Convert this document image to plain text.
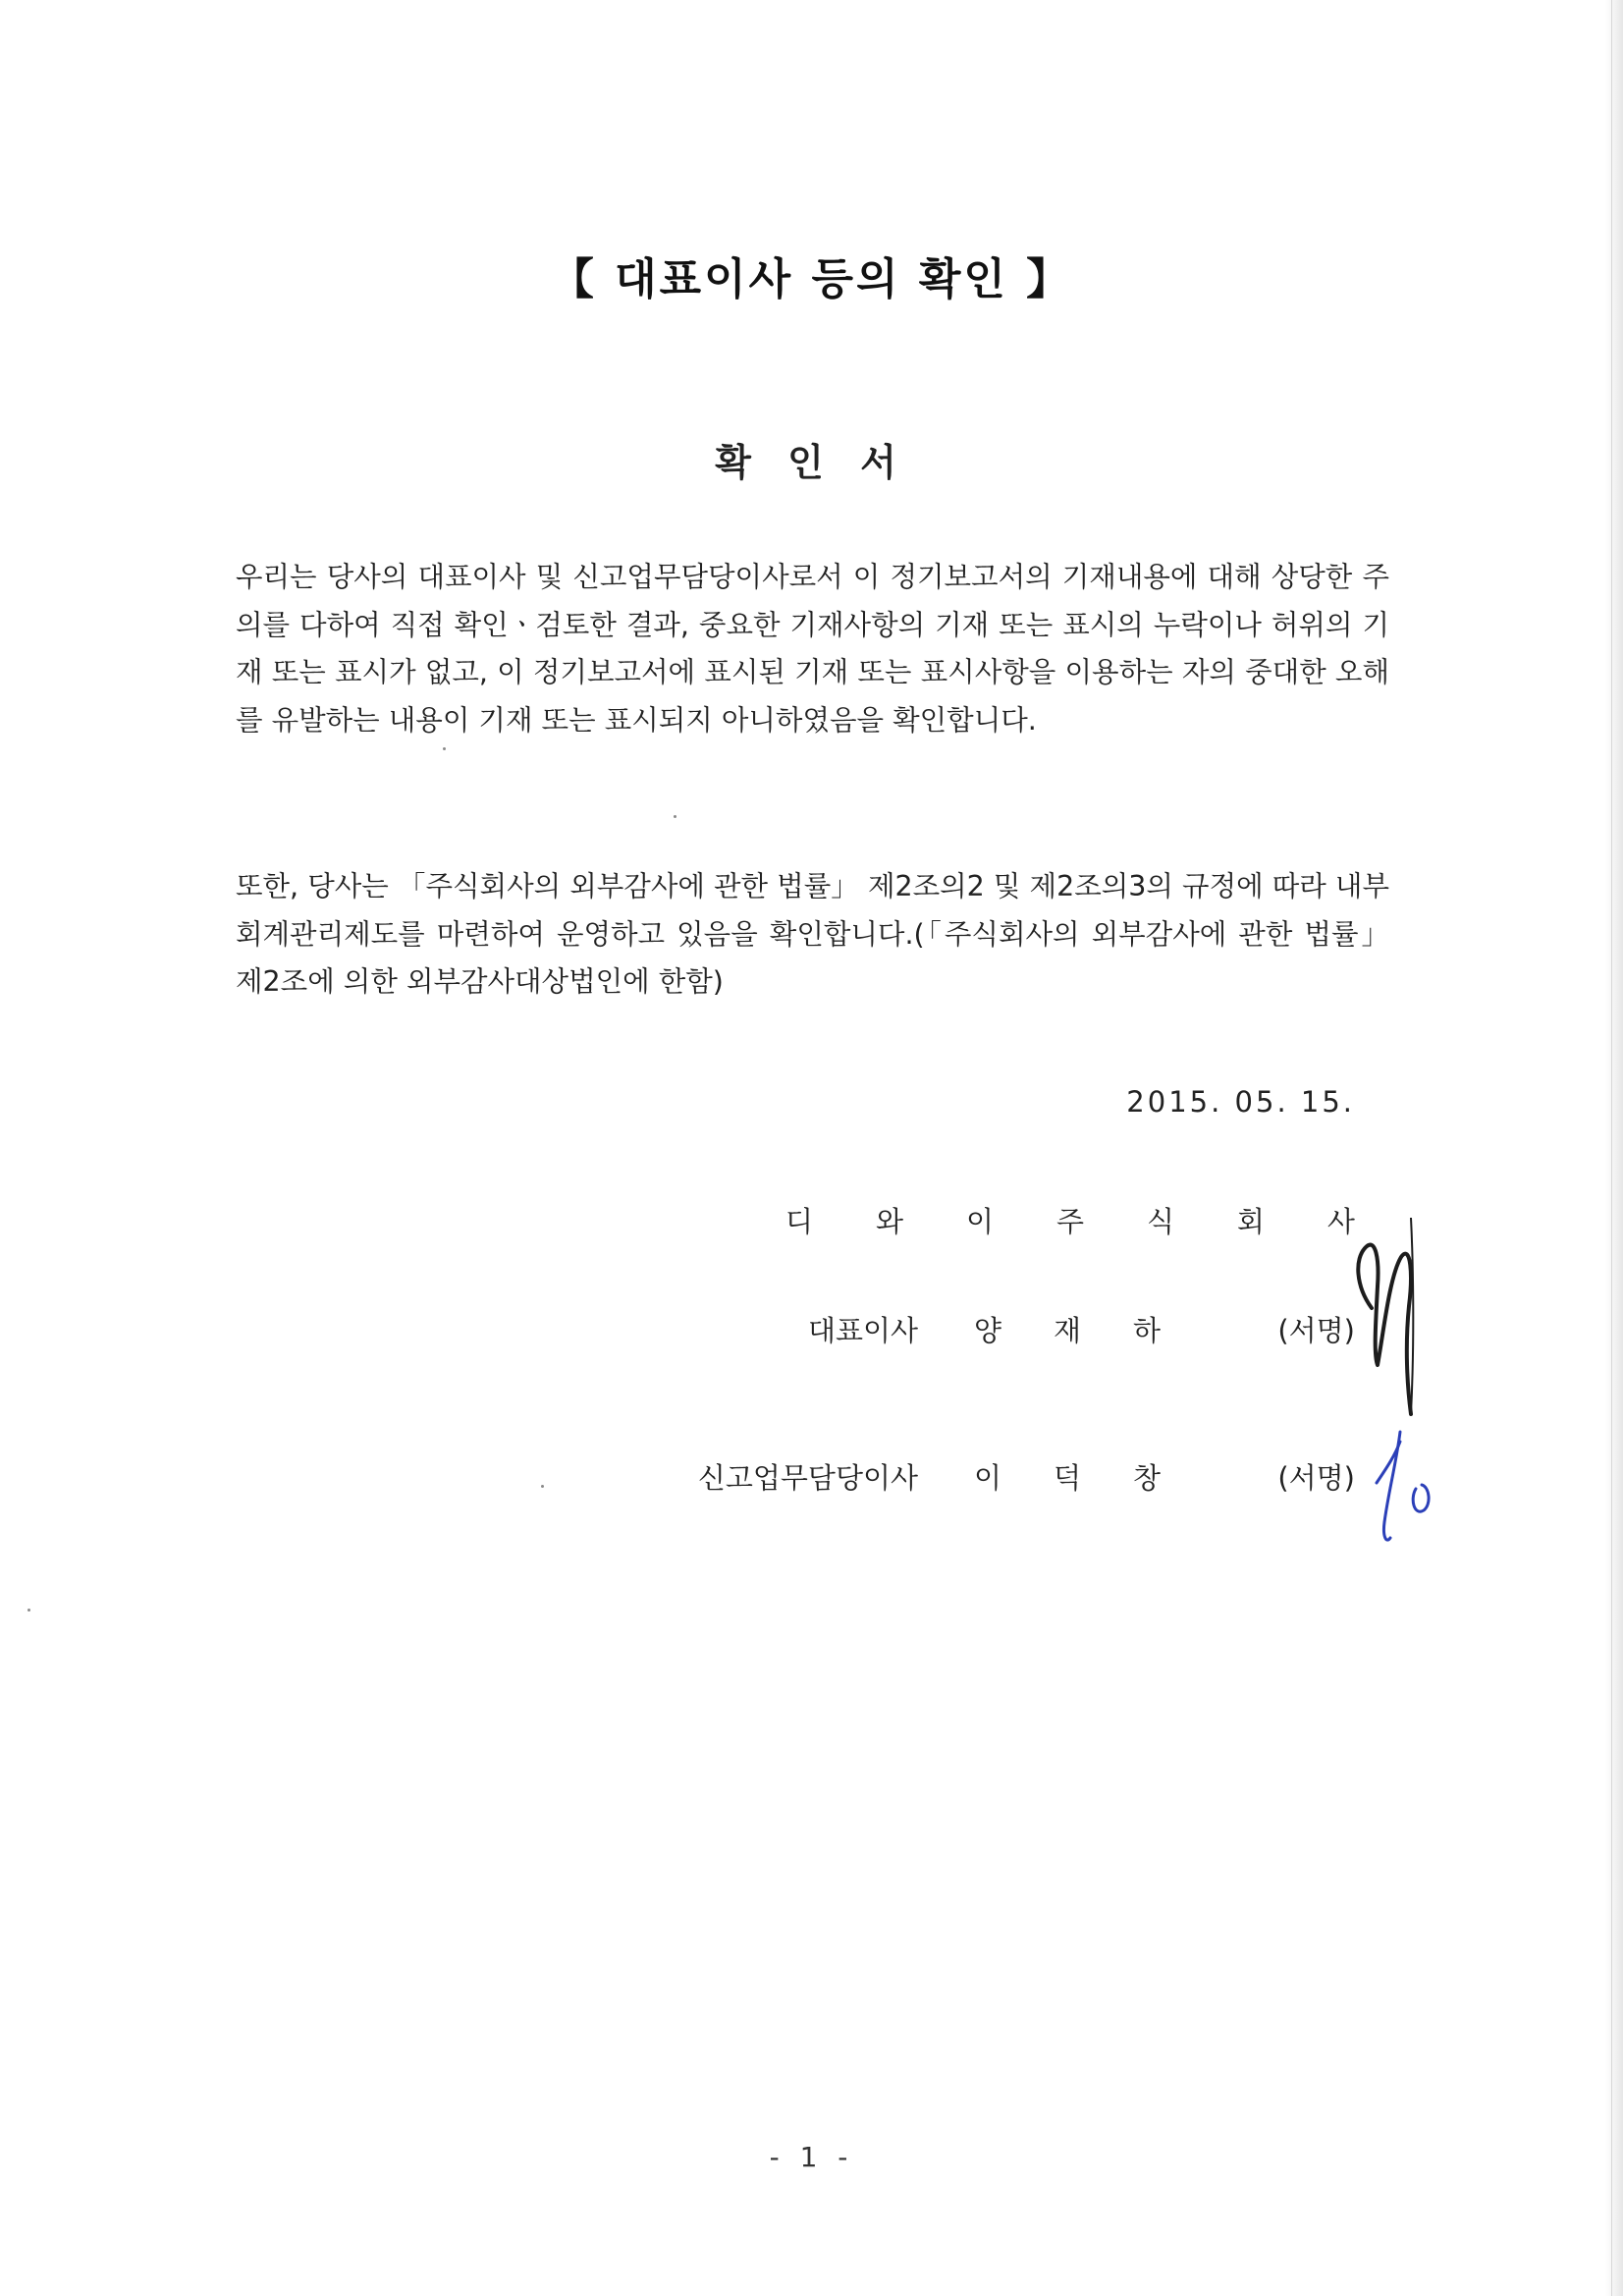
【 대표이사 등의 확인 】
확 인 서

우리는 당사의 대표이사 및 신고업무담당이사로서 이 정기보고서의 기재내용에 대해 상당한 주의를 다하여 직접 확인ㆍ검토한 결과, 중요한 기재사항의 기재 또는 표시의 누락이나 허위의 기재 또는 표시가 없고, 이 정기보고서에 표시된 기재 또는 표시사항을 이용하는 자의 중대한 오해를 유발하는 내용이 기재 또는 표시되지 아니하였음을 확인합니다.

또한, 당사는 「주식회사의 외부감사에 관한 법률」 제2조의2 및 제2조의3의 규정에 따라 내부회계관리제도를 마련하여 운영하고 있음을 확인합니다.(「주식회사의 외부감사에 관한 법률」 제2조에 의한 외부감사대상법인에 한함)

2015. 05. 15.
디 와 이 주 식 회 사
대표이사 양 재 하	(서명)
신고업무담당이사 이 덕 창	(서명)

- 1 -
